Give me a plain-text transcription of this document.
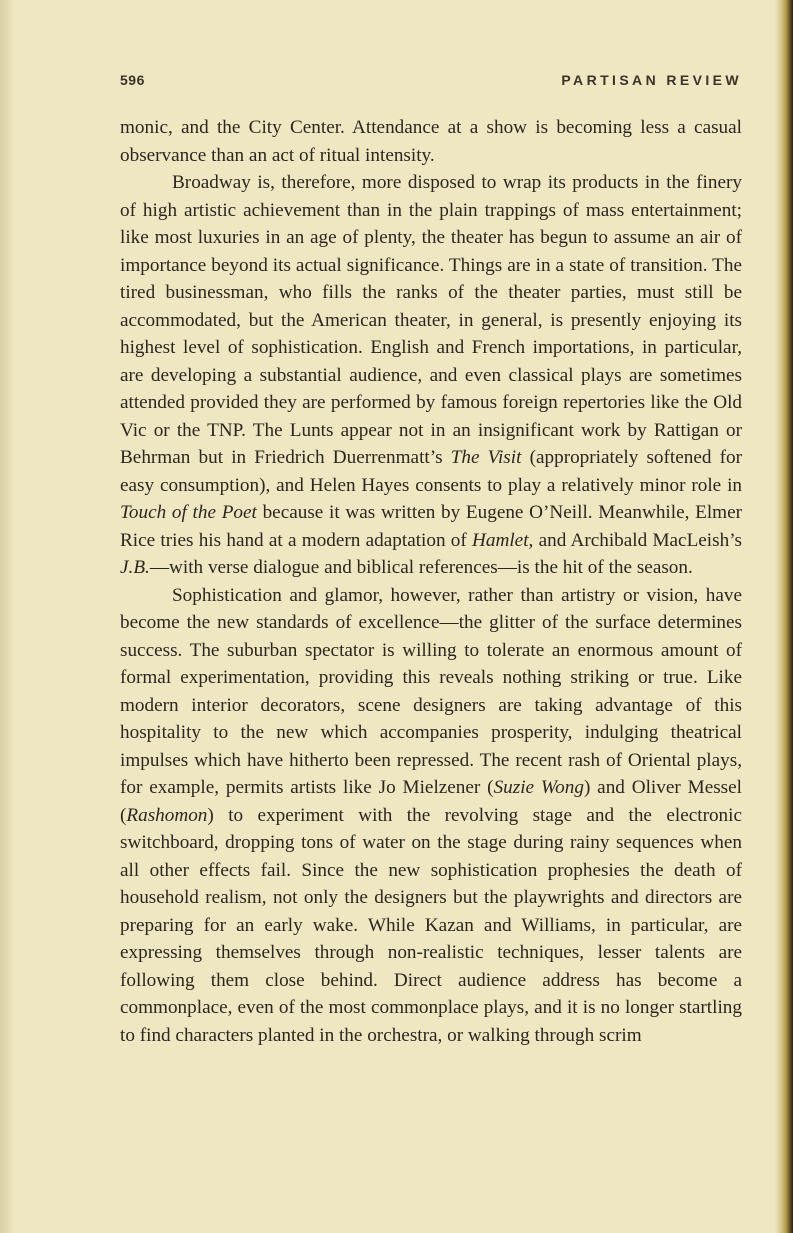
596	PARTISAN REVIEW

monic, and the City Center. Attendance at a show is becoming less a casual observance than an act of ritual intensity.

Broadway is, therefore, more disposed to wrap its products in the finery of high artistic achievement than in the plain trappings of mass entertainment; like most luxuries in an age of plenty, the theater has begun to assume an air of importance beyond its actual significance. Things are in a state of transition. The tired businessman, who fills the ranks of the theater parties, must still be accommodated, but the American theater, in general, is presently enjoying its highest level of sophistication. English and French importations, in particular, are developing a substantial audience, and even classical plays are sometimes attended provided they are performed by famous foreign repertories like the Old Vic or the TNP. The Lunts appear not in an insignificant work by Rattigan or Behrman but in Friedrich Duerrenmatt’s The Visit (appropriately softened for easy consumption), and Helen Hayes consents to play a relatively minor role in Touch of the Poet because it was written by Eugene O’Neill. Meanwhile, Elmer Rice tries his hand at a modern adaptation of Hamlet, and Archibald MacLeish’s J.B.—with verse dialogue and biblical references—is the hit of the season.

Sophistication and glamor, however, rather than artistry or vision, have become the new standards of excellence—the glitter of the surface determines success. The suburban spectator is willing to tolerate an enormous amount of formal experimentation, providing this reveals nothing striking or true. Like modern interior decorators, scene designers are taking advantage of this hospitality to the new which accompanies prosperity, indulging theatrical impulses which have hitherto been repressed. The recent rash of Oriental plays, for example, permits artists like Jo Mielzener (Suzie Wong) and Oliver Messel (Rashomon) to experiment with the revolving stage and the electronic switchboard, dropping tons of water on the stage during rainy sequences when all other effects fail. Since the new sophistication prophesies the death of household realism, not only the designers but the playwrights and directors are preparing for an early wake. While Kazan and Williams, in particular, are expressing themselves through non-realistic techniques, lesser talents are following them close behind. Direct audience address has become a commonplace, even of the most commonplace plays, and it is no longer startling to find characters planted in the orchestra, or walking through scrim
